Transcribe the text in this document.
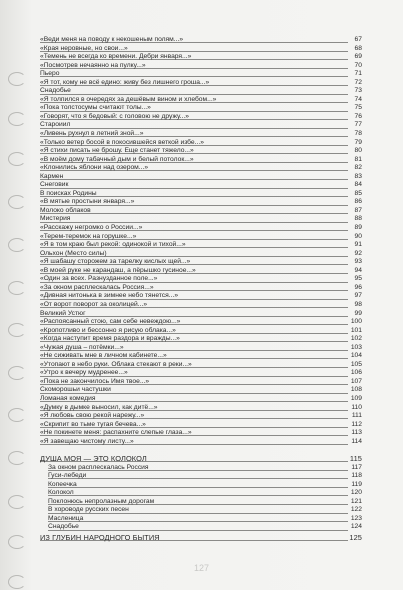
«Веди меня на поводу к некошеным полям...»	67
«Края неровные, но свои...»	68
«Темень не всегда ко времени. Дебри января...»	69
«Посмотрев нечаянно на пулку...»	70
Пьеро	71
«Я тот, кому не всё едино: живу без лишнего гроша...»	72
Снадобье	73
«Я толпился в очередях за дешёвым вином и хлебом...»	74
«Пока толстосумы считают толы...»	75
«Говорят, что я бедовый: с головою не дружу...»	76
Староиил	77
«Ливень рухнул в летний зной...»	78
«Только ветер босой в покосившейся веткой избе...»	79
«Я стихи писать не брошу. Еще станет тяжело...»	80
«В моём дому табачный дым и белый потолок...»	81
«Клонились яблони над озером...»	82
Кармен	83
Снеговик	84
В поисках Родины	85
«В мятые простыни января...»	86
Молоко облаков	87
Мистерия	88
«Расскажу негромко о России...»	89
«Терем-теремок на горушке...»	90
«Я в том краю был рекой: одинокой и тихой...»	91
Ольхон (Место силы)	92
«Я шабашу сторожем за тарелку кислых щей...»	93
«В моей руке не карандаш, а пёрышко гусиное...»	94
«Один за всех. Разнузданное поле...»	95
«За окном расплескалась Россия...»	96
«Дивная нитонька в зимнее небо тянется...»	97
«От ворот поворот за околицей...»	98
Великий Устюг	99
«Распоясанный стою, сам себе невеждою...»	100
«Кропотливо и бессонно я рисую облака...»	101
«Когда наступит время раздора и вражды...»	102
«Чужая душа – потёмки...»	103
«Не сиживать мне в личном кабинете...»	104
«Утопают в небо руки. Облака стекают в реки...»	105
«Утро к вечеру мудренее...»	106
«Пока не закончилось Имя твое...»	107
Скоморошьи частушки	108
Ломаная комедия	109
«Думку в дымке выносил, как дитё...»	110
«Я любовь свою рекой нарежу...»	111
«Скрипит во тьме тугая бечева...»	112
«Не покинете меня: распахните слепые глаза...»	113
«Я завещаю чистому листу...»	114
ДУША МОЯ — ЭТО КОЛОКОЛ	115
За окном расплескалась Россия	117
Гуси-лебеди	118
Копеечка	119
Колокол	120
Поклонюсь непролазным дорогам	121
В хороводе русских песен	122
Масленица	123
Снадобье	124
ИЗ ГЛУБИН НАРОДНОГО БЫТИЯ	125
127
